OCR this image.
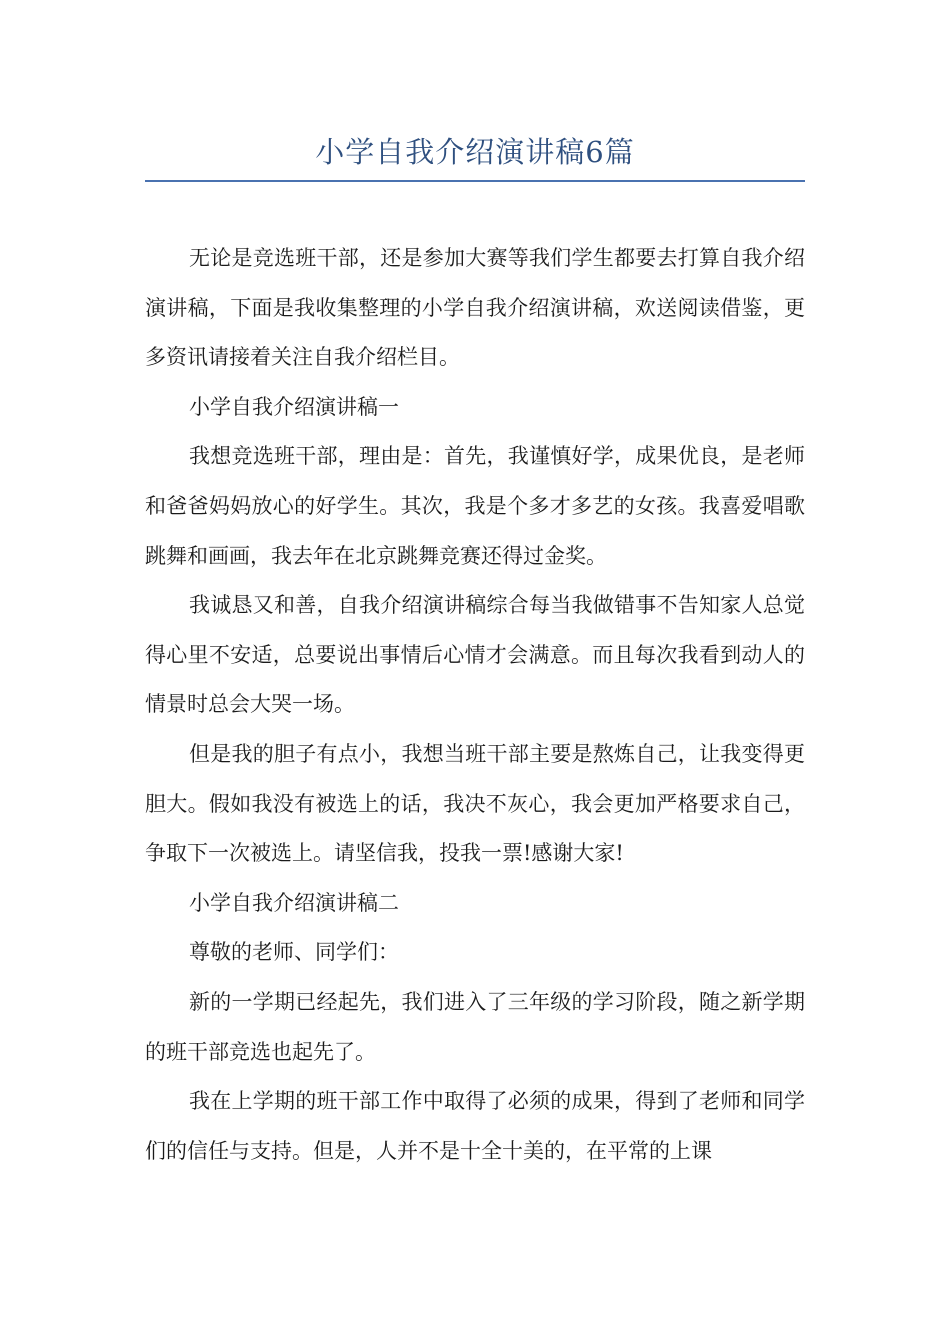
小学自我介绍演讲稿6篇

无论是竞选班干部，还是参加大赛等我们学生都要去打算自我介绍演讲稿，下面是我收集整理的小学自我介绍演讲稿，欢送阅读借鉴，更多资讯请接着关注自我介绍栏目。

小学自我介绍演讲稿一

我想竞选班干部，理由是：首先，我谨慎好学，成果优良，是老师和爸爸妈妈放心的好学生。其次，我是个多才多艺的女孩。我喜爱唱歌跳舞和画画，我去年在北京跳舞竞赛还得过金奖。

我诚恳又和善，自我介绍演讲稿综合每当我做错事不告知家人总觉得心里不安适，总要说出事情后心情才会满意。而且每次我看到动人的情景时总会大哭一场。

但是我的胆子有点小，我想当班干部主要是熬炼自己，让我变得更胆大。假如我没有被选上的话，我决不灰心，我会更加严格要求自己，争取下一次被选上。请坚信我，投我一票!感谢大家!

小学自我介绍演讲稿二

尊敬的老师、同学们：

新的一学期已经起先，我们进入了三年级的学习阶段，随之新学期的班干部竞选也起先了。

我在上学期的班干部工作中取得了必须的成果，得到了老师和同学们的信任与支持。但是，人并不是十全十美的，在平常的上课
